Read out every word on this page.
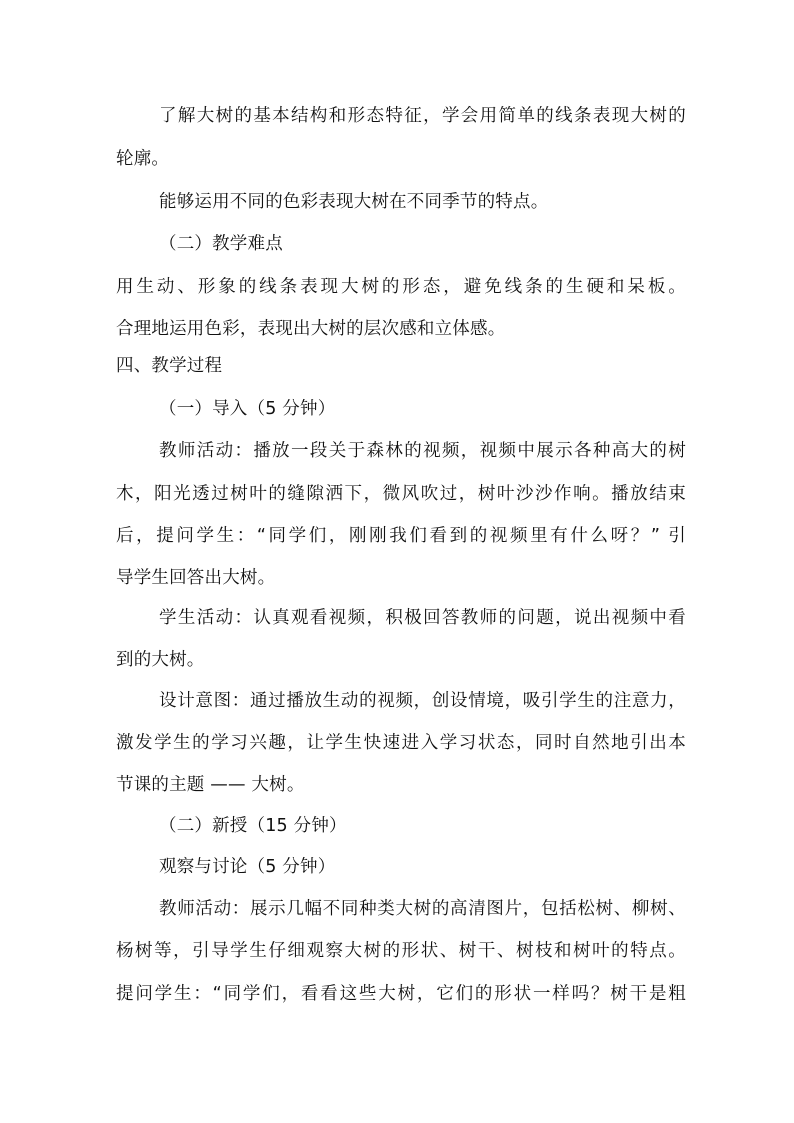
了解大树的基本结构和形态特征，学会用简单的线条表现大树的
轮廓。
能够运用不同的色彩表现大树在不同季节的特点。
（二）教学难点
用生动、形象的线条表现大树的形态，避免线条的生硬和呆板。
合理地运用色彩，表现出大树的层次感和立体感。
四、教学过程
（一）导入（5 分钟）
教师活动：播放一段关于森林的视频，视频中展示各种高大的树
木，阳光透过树叶的缝隙洒下，微风吹过，树叶沙沙作响。播放结束
后，提问学生：“同学们，刚刚我们看到的视频里有什么呀？” 引
导学生回答出大树。
学生活动：认真观看视频，积极回答教师的问题，说出视频中看
到的大树。
设计意图：通过播放生动的视频，创设情境，吸引学生的注意力，
激发学生的学习兴趣，让学生快速进入学习状态，同时自然地引出本
节课的主题 —— 大树。
（二）新授（15 分钟）
观察与讨论（5 分钟）
教师活动：展示几幅不同种类大树的高清图片，包括松树、柳树、
杨树等，引导学生仔细观察大树的形状、树干、树枝和树叶的特点。
提问学生：“同学们，看看这些大树，它们的形状一样吗？树干是粗
